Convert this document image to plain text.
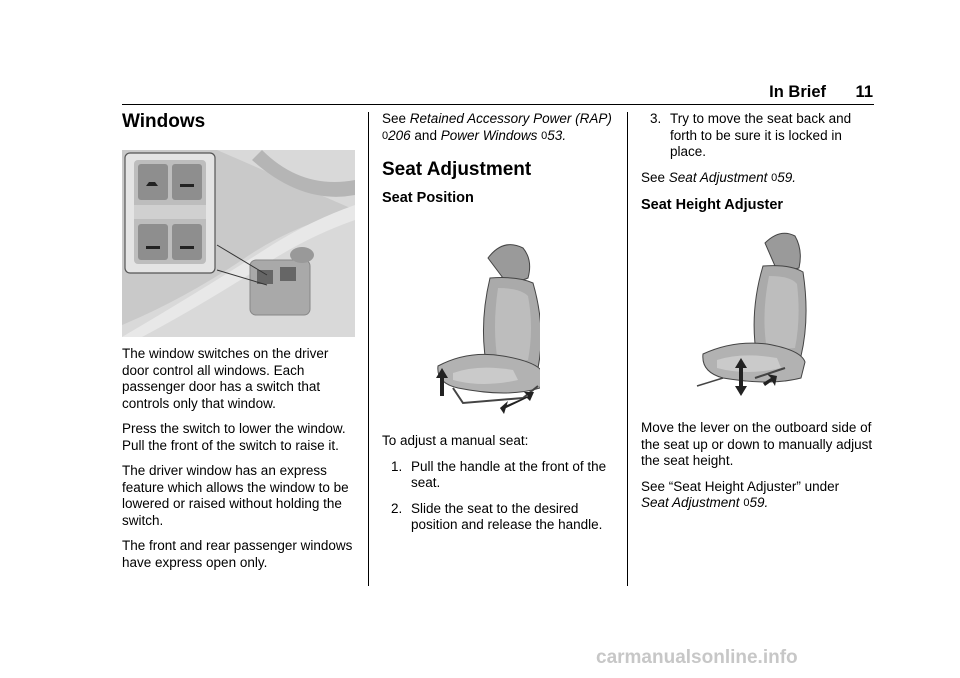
In Brief 11
Windows

The window switches on the driver door control all windows. Each passenger door has a switch that controls only that window.

Press the switch to lower the window. Pull the front of the switch to raise it.

The driver window has an express feature which allows the window to be lowered or raised without holding the switch.

The front and rear passenger windows have express open only.

See Retained Accessory Power (RAP) 0206 and Power Windows 053.

Seat Adjustment
Seat Position

To adjust a manual seat:

1. Pull the handle at the front of the seat.
2. Slide the seat to the desired position and release the handle.
3. Try to move the seat back and forth to be sure it is locked in place.

See Seat Adjustment 059.

Seat Height Adjuster

Move the lever on the outboard side of the seat up or down to manually adjust the seat height.

See “Seat Height Adjuster” under
Seat Adjustment 059.

carmanualsonline.info
